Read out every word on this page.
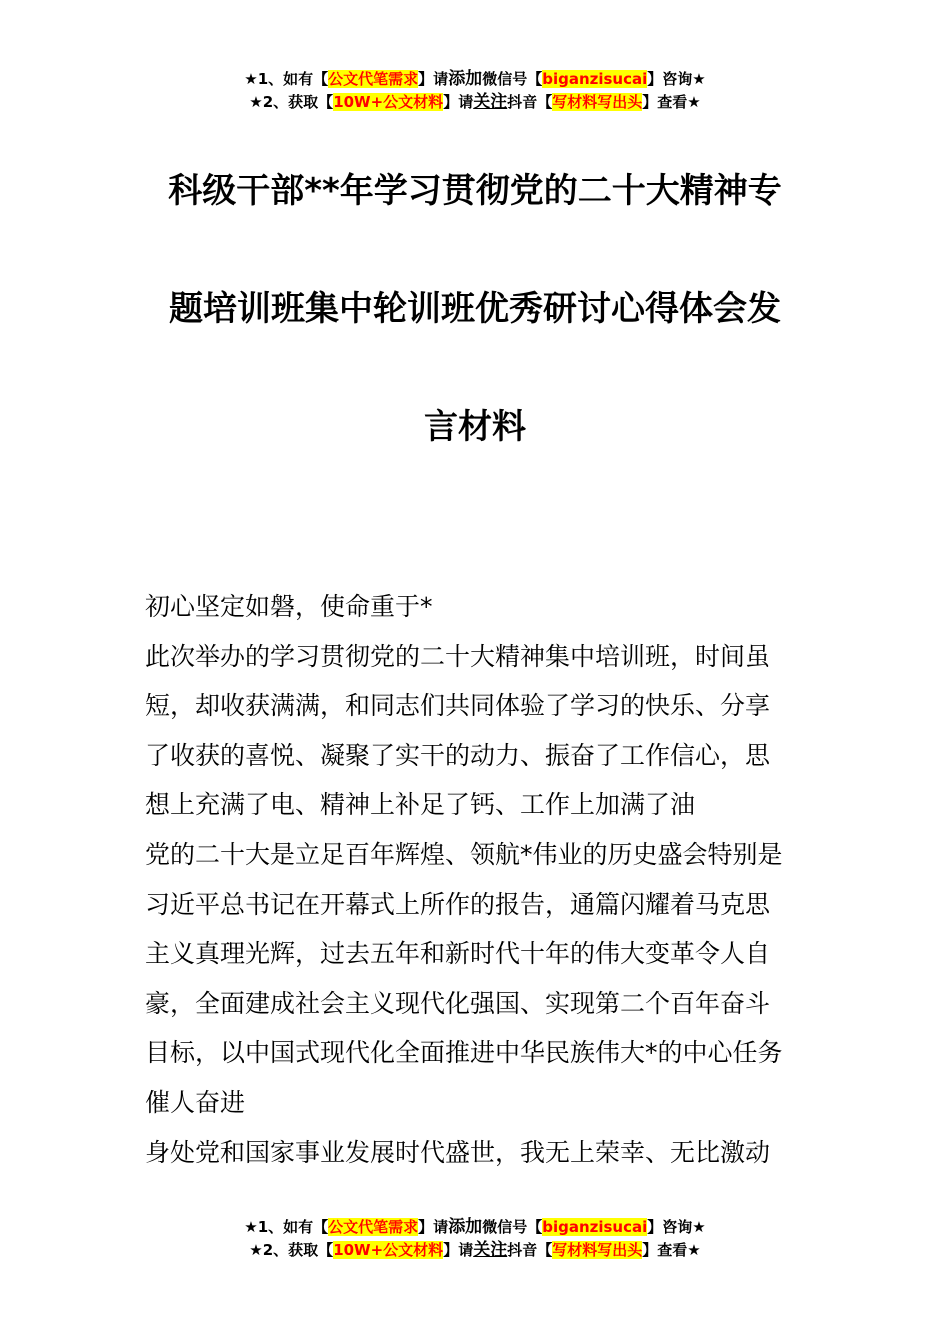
★1、如有【公文代笔需求】请添加微信号【biganzisucai】咨询★
★2、获取【10W+公文材料】请关注抖音【写材料写出头】查看★
科级干部**年学习贯彻党的二十大精神专
题培训班集中轮训班优秀研讨心得体会发
言材料

初心坚定如磐，使命重于*

此次举办的学习贯彻党的二十大精神集中培训班，时间虽

短，却收获满满，和同志们共同体验了学习的快乐、分享

了收获的喜悦、凝聚了实干的动力、振奋了工作信心，思

想上充满了电、精神上补足了钙、工作上加满了油

党的二十大是立足百年辉煌、领航*伟业的历史盛会特别是

习近平总书记在开幕式上所作的报告，通篇闪耀着马克思

主义真理光辉，过去五年和新时代十年的伟大变革令人自

豪，全面建成社会主义现代化强国、实现第二个百年奋斗

目标，以中国式现代化全面推进中华民族伟大*的中心任务

催人奋进

身处党和国家事业发展时代盛世，我无上荣幸、无比激动

★1、如有【公文代笔需求】请添加微信号【biganzisucai】咨询★
★2、获取【10W+公文材料】请关注抖音【写材料写出头】查看★
